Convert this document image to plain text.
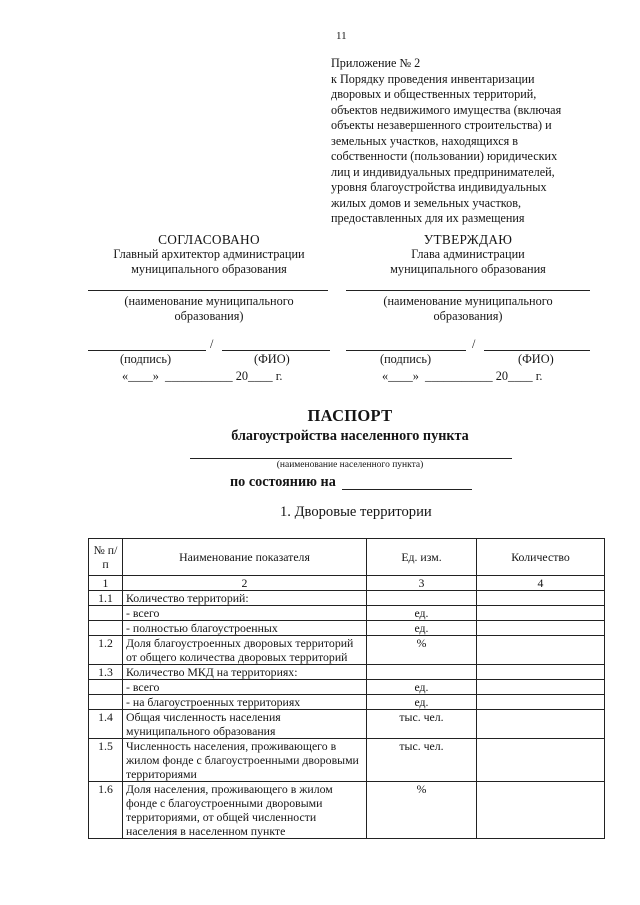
11
Приложение № 2
к Порядку проведения инвентаризации
дворовых и общественных территорий,
объектов недвижимого имущества (включая
объекты незавершенного строительства) и
земельных участков, находящихся в
собственности (пользовании) юридических
лиц и индивидуальных предпринимателей,
уровня благоустройства индивидуальных
жилых домов и земельных участков,
предоставленных для их размещения
СОГЛАСОВАНО
Главный архитектор администрации
муниципального образования
(наименование муниципального
образования)
/
(подпись)	(ФИО)
«____»  ___________ 20____ г.
УТВЕРЖДАЮ
Глава администрации
муниципального образования
(наименование муниципального
образования)
/
(подпись)	(ФИО)
«____»  ___________ 20____ г.
ПАСПОРТ
благоустройства населенного пункта
(наименование населенного пункта)
по состоянию на
1. Дворовые территории
№ п/п	Наименование показателя	Ед. изм.	Количество
1	2	3	4
1.1	Количество территорий:		
	- всего	ед.	
	- полностью благоустроенных	ед.	
1.2	Доля благоустроенных дворовых территорий от общего количества дворовых территорий	%	
1.3	Количество МКД на территориях:		
	- всего	ед.	
	- на благоустроенных территориях	ед.	
1.4	Общая численность населения муниципального образования	тыс. чел.	
1.5	Численность населения, проживающего в жилом фонде с благоустроенными дворовыми территориями	тыс. чел.	
1.6	Доля населения, проживающего в жилом фонде с благоустроенными дворовыми территориями, от общей численности населения в населенном пункте	%	
